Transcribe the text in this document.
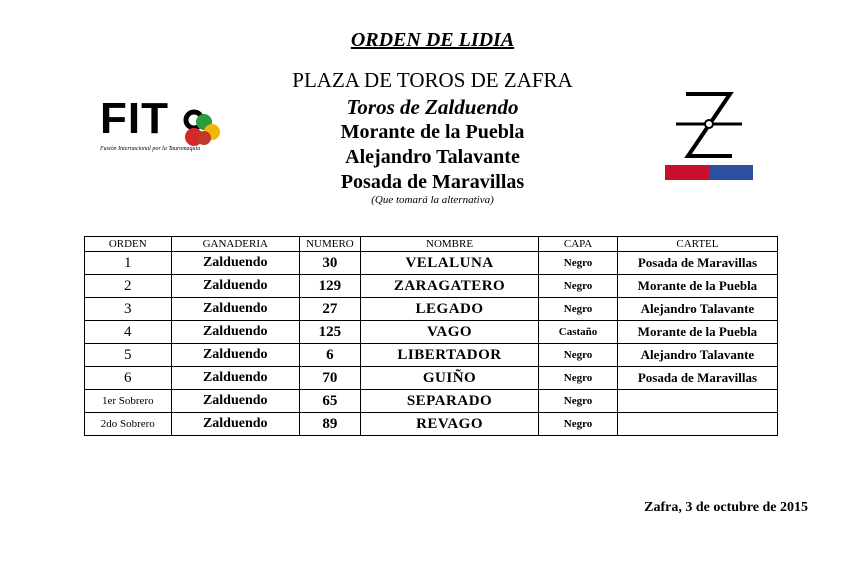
ORDEN DE LIDIA
PLAZA DE TOROS DE ZAFRA
Toros de Zalduendo
Morante de la Puebla
Alejandro Talavante
Posada de Maravillas
(Que tomará la alternativa)
FIT
Fusión Internacional por la Tauromaquia
ORDEN	GANADERIA	NUMERO	NOMBRE	CAPA	CARTEL
1	Zalduendo	30	VELALUNA	Negro	Posada de Maravillas
2	Zalduendo	129	ZARAGATERO	Negro	Morante de la Puebla
3	Zalduendo	27	LEGADO	Negro	Alejandro Talavante
4	Zalduendo	125	VAGO	Castaño	Morante de la Puebla
5	Zalduendo	6	LIBERTADOR	Negro	Alejandro Talavante
6	Zalduendo	70	GUIÑO	Negro	Posada de Maravillas
1er Sobrero	Zalduendo	65	SEPARADO	Negro	
2do Sobrero	Zalduendo	89	REVAGO	Negro	
Zafra, 3 de octubre de 2015
